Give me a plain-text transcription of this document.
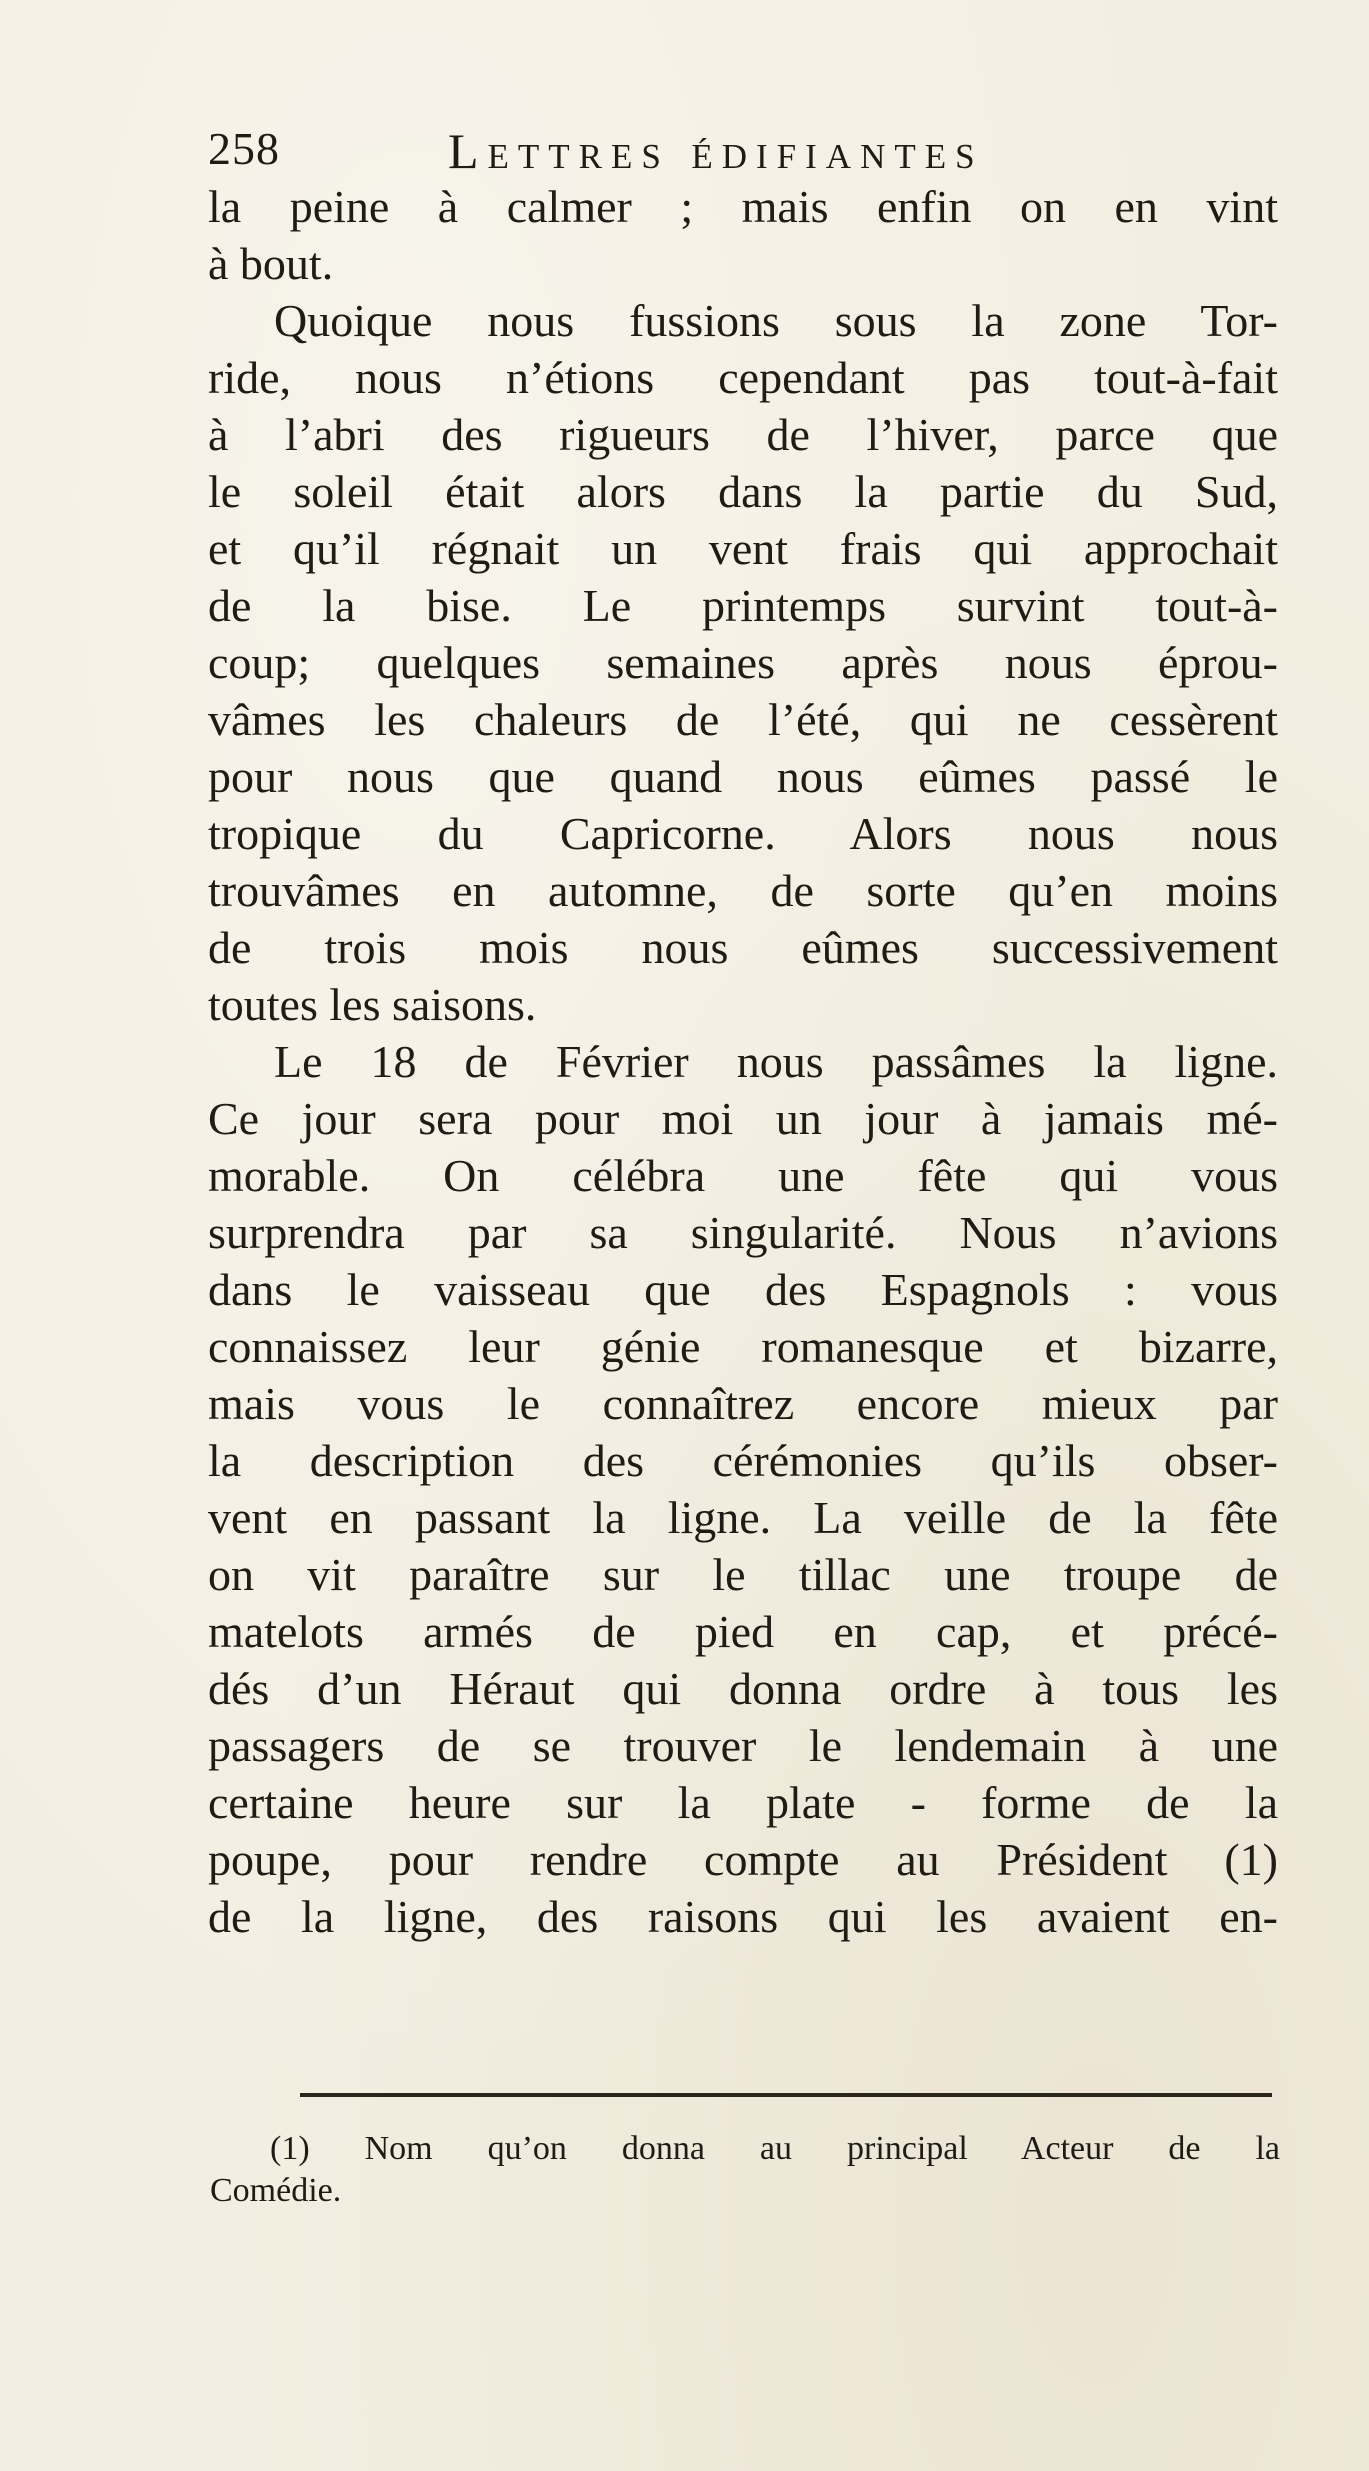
258	Lettres édifiantes
la peine à calmer ; mais enfin on en vint
à bout.
Quoique nous fussions sous la zone Tor-
ride, nous n’étions cependant pas tout-à-fait
à l’abri des rigueurs de l’hiver, parce que
le soleil était alors dans la partie du Sud,
et qu’il régnait un vent frais qui approchait
de la bise. Le printemps survint tout-à-
coup; quelques semaines après nous éprou-
vâmes les chaleurs de l’été, qui ne cessèrent
pour nous que quand nous eûmes passé le
tropique du Capricorne. Alors nous nous
trouvâmes en automne, de sorte qu’en moins
de trois mois nous eûmes successivement
toutes les saisons.
Le 18 de Février nous passâmes la ligne.
Ce jour sera pour moi un jour à jamais mé-
morable. On célébra une fête qui vous
surprendra par sa singularité. Nous n’avions
dans le vaisseau que des Espagnols : vous
connaissez leur génie romanesque et bizarre,
mais vous le connaîtrez encore mieux par
la description des cérémonies qu’ils obser-
vent en passant la ligne. La veille de la fête
on vit paraître sur le tillac une troupe de
matelots armés de pied en cap, et précé-
dés d’un Héraut qui donna ordre à tous les
passagers de se trouver le lendemain à une
certaine heure sur la plate - forme de la
poupe, pour rendre compte au Président (1)
de la ligne, des raisons qui les avaient en-
(1) Nom qu’on donna au principal Acteur de la
Comédie.
